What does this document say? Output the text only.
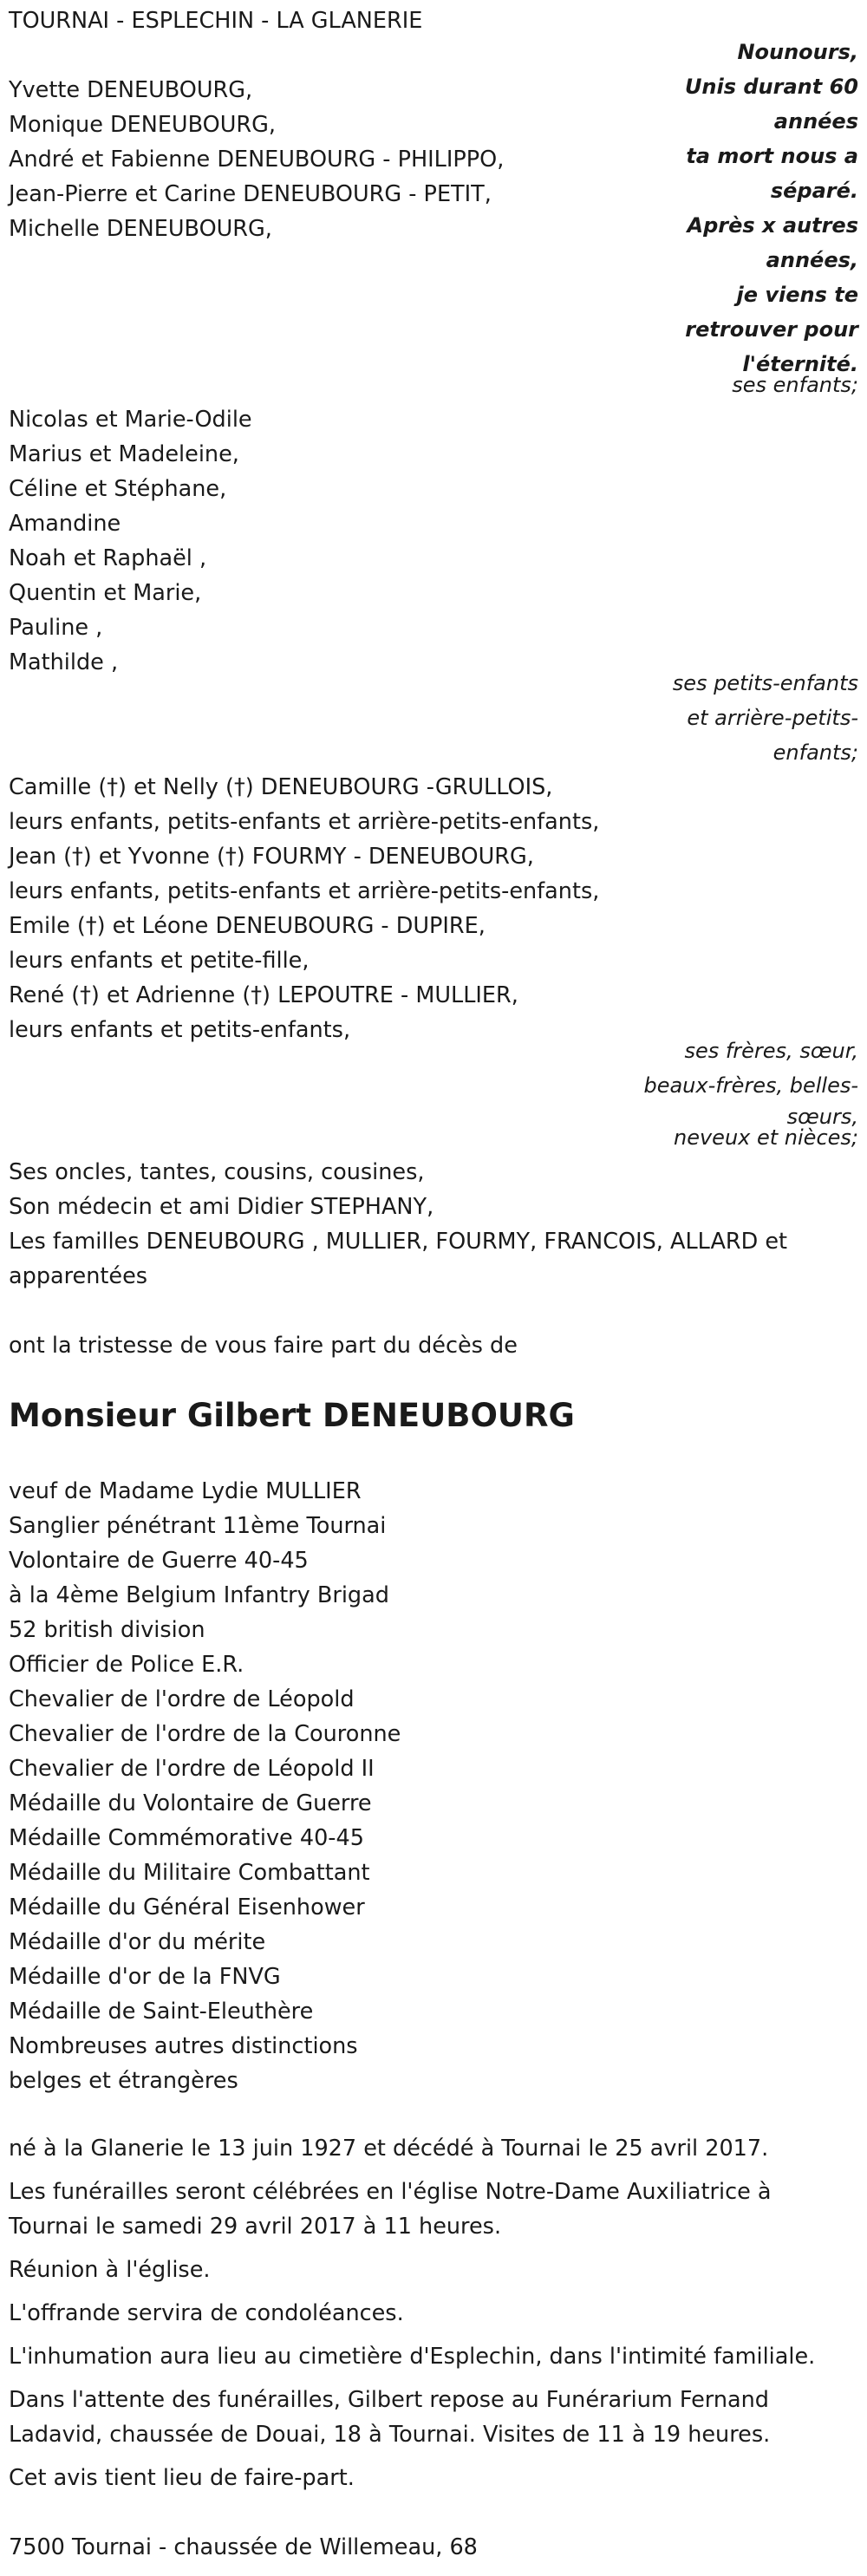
TOURNAI - ESPLECHIN - LA GLANERIE
Nounours,
Unis durant 60
années
ta mort nous a
séparé.
Après x autres
années,
je viens te
retrouver pour
l'éternité.
Yvette DENEUBOURG,
Monique DENEUBOURG,
André et Fabienne DENEUBOURG - PHILIPPO,
Jean-Pierre et Carine DENEUBOURG - PETIT,
Michelle DENEUBOURG,
ses enfants;
Nicolas et Marie-Odile
Marius et Madeleine,
Céline et Stéphane,
Amandine
Noah et Raphaël ,
Quentin et Marie,
Pauline ,
Mathilde ,
ses petits-enfants
et arrière-petits-
enfants;
Camille (†) et Nelly (†) DENEUBOURG -GRULLOIS,
leurs enfants, petits-enfants et arrière-petits-enfants,
Jean (†) et Yvonne (†) FOURMY - DENEUBOURG,
leurs enfants, petits-enfants et arrière-petits-enfants,
Emile (†) et Léone DENEUBOURG - DUPIRE,
leurs enfants et petite-fille,
René (†) et Adrienne (†) LEPOUTRE - MULLIER,
leurs enfants et petits-enfants,
ses frères, sœur,
beaux-frères, belles-
sœurs,
neveux et nièces;
Ses oncles, tantes, cousins, cousines,
Son médecin et ami Didier STEPHANY,
Les familles DENEUBOURG , MULLIER, FOURMY, FRANCOIS, ALLARD et
apparentées
ont la tristesse de vous faire part du décès de
Monsieur Gilbert DENEUBOURG
veuf de Madame Lydie MULLIER
Sanglier pénétrant 11ème Tournai
Volontaire de Guerre 40-45
à la 4ème Belgium Infantry Brigad
52 british division
Officier de Police E.R.
Chevalier de l'ordre de Léopold
Chevalier de l'ordre de la Couronne
Chevalier de l'ordre de Léopold II
Médaille du Volontaire de Guerre
Médaille Commémorative 40-45
Médaille du Militaire Combattant
Médaille du Général Eisenhower
Médaille d'or du mérite
Médaille d'or de la FNVG
Médaille de Saint-Eleuthère
Nombreuses autres distinctions
belges et étrangères
né à la Glanerie le 13 juin 1927 et décédé à Tournai le 25 avril 2017.
Les funérailles seront célébrées en l'église Notre-Dame Auxiliatrice à
Tournai le samedi 29 avril 2017 à 11 heures.
Réunion à l'église.
L'offrande servira de condoléances.
L'inhumation aura lieu au cimetière d'Esplechin, dans l'intimité familiale.
Dans l'attente des funérailles, Gilbert repose au Funérarium Fernand
Ladavid, chaussée de Douai, 18 à Tournai. Visites de 11 à 19 heures.
Cet avis tient lieu de faire-part.
7500 Tournai - chaussée de Willemeau, 68
